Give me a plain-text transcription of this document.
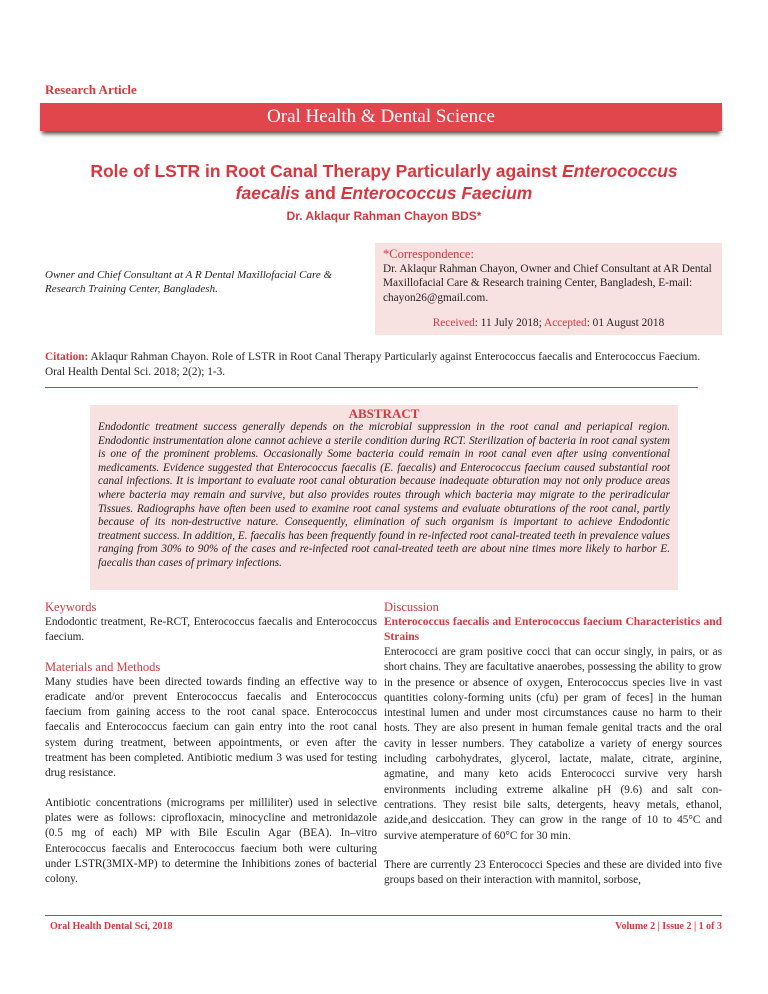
Research Article
Oral Health & Dental Science
Role of LSTR in Root Canal Therapy Particularly against Enterococcus faecalis and Enterococcus Faecium
Dr. Aklaqur Rahman Chayon BDS*
Owner and Chief Consultant at A R Dental Maxillofacial Care & Research Training Center, Bangladesh.
*Correspondence:
Dr. Aklaqur Rahman Chayon, Owner and Chief Consultant at AR Dental Maxillofacial Care & Research training Center, Bangladesh, E-mail: chayon26@gmail.com.
Received: 11 July 2018; Accepted: 01 August 2018
Citation: Aklaqur Rahman Chayon. Role of LSTR in Root Canal Therapy Particularly against Enterococcus faecalis and Enterococcus Faecium. Oral Health Dental Sci. 2018; 2(2); 1-3.
ABSTRACT
Endodontic treatment success generally depends on the microbial suppression in the root canal and periapical region. Endodontic instrumentation alone cannot achieve a sterile condition during RCT. Sterilization of bacteria in root canal system is one of the prominent problems. Occasionally Some bacteria could remain in root canal even after using conventional medicaments. Evidence suggested that Enterococcus faecalis (E. faecalis) and Enterococcus faecium caused substantial root canal infections. It is important to evaluate root canal obturation because inadequate obturation may not only produce areas where bacteria may remain and survive, but also provides routes through which bacteria may migrate to the periradicular Tissues. Radiographs have often been used to examine root canal systems and evaluate obturations of the root canal, partly because of its non-destructive nature. Consequently, elimination of such organism is important to achieve Endodontic treatment success. In addition, E. faecalis has been frequently found in re-infected root canal-treated teeth in prevalence values ranging from 30% to 90% of the cases and re-infected root canal-treated teeth are about nine times more likely to harbor E. faecalis than cases of primary infections.
Keywords

Endodontic treatment, Re-RCT, Enterococcus faecalis and Enterococcus faecium.

Materials and Methods

Many studies have been directed towards finding an effective way to eradicate and/or prevent Enterococcus faecalis and Enterococcus faecium from gaining access to the root canal space. Enterococcus faecalis and Enterococcus faecium can gain entry into the root canal system during treatment, between appointments, or even after the treatment has been completed. Antibiotic medium 3 was used for testing drug resistance.

Antibiotic concentrations (micrograms per milliliter) used in selective plates were as follows: ciprofloxacin, minocycline and metronidazole (0.5 mg of each) MP with Bile Esculin Agar (BEA). In–vitro Enterococcus faecalis and Enterococcus faecium both were culturing under LSTR(3MIX-MP) to determine the Inhibitions zones of bacterial colony.

Discussion
Enterococcus faecalis and Enterococcus faecium Characteristics and Strains

Enterococci are gram positive cocci that can occur singly, in pairs, or as short chains. They are facultative anaerobes, possessing the ability to grow in the presence or absence of oxygen, Enterococcus species live in vast quantities colony-forming units (cfu) per gram of feces] in the human intestinal lumen and under most circumstances cause no harm to their hosts. They are also present in human female genital tracts and the oral cavity in lesser numbers. They catabolize a variety of energy sources including carbohydrates, glycerol, lactate, malate, citrate, arginine, agmatine, and many keto acids Enterococci survive very harsh environments including extreme alkaline pH (9.6) and salt con- centrations. They resist bile salts, detergents, heavy metals, ethanol, azide,and desiccation. They can grow in the range of 10 to 45°C and survive atemperature of 60°C for 30 min.

There are currently 23 Enterococci Species and these are divided into five groups based on their interaction with mannitol, sorbose,

Oral Health Dental Sci, 2018	Volume 2 | Issue 2 | 1 of 3
